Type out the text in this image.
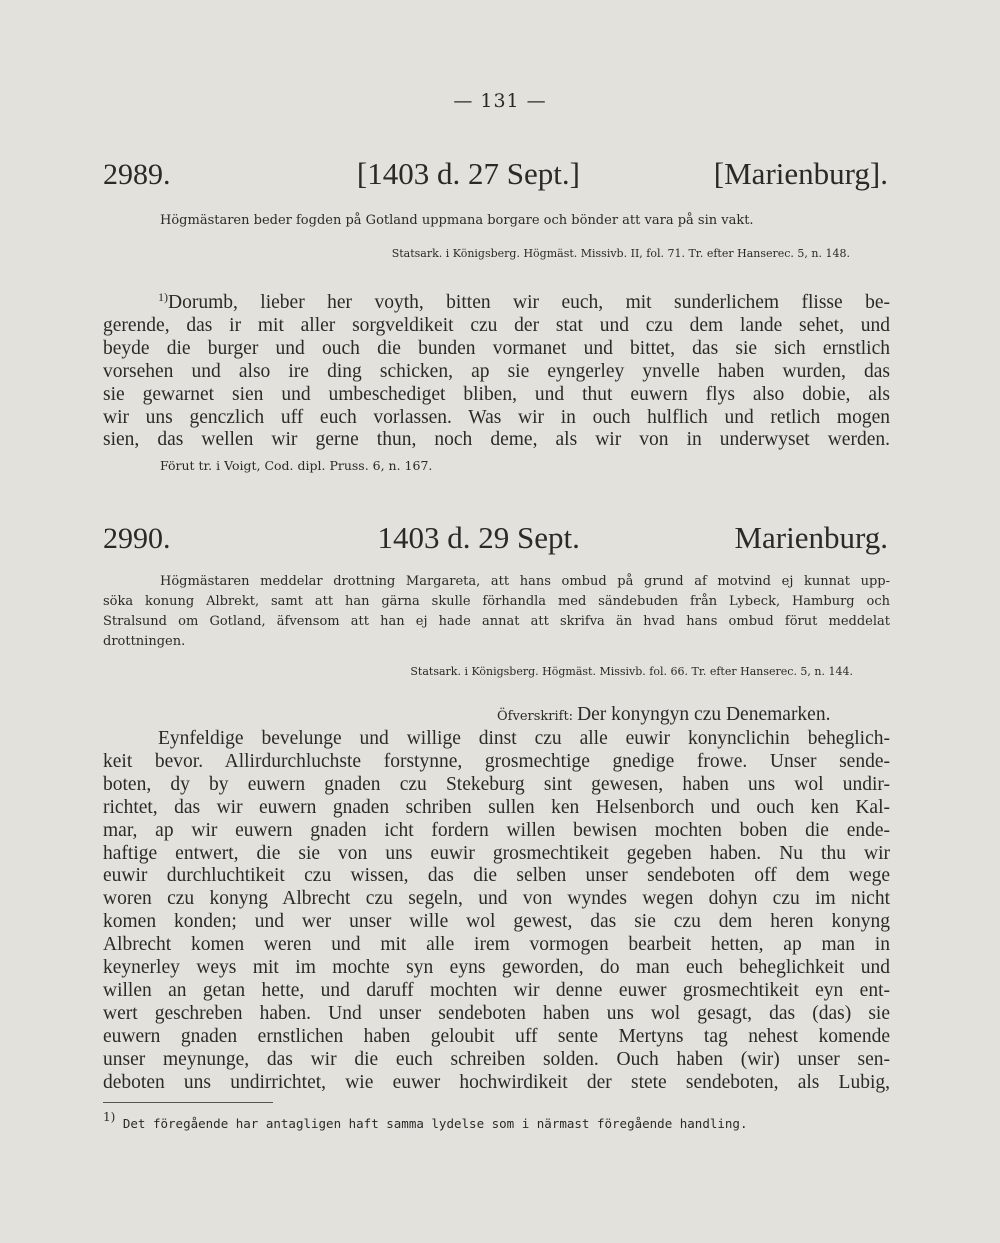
— 131 —
2989.	[1403 d. 27 Sept.]	[Marienburg].
Högmästaren beder fogden på Gotland uppmana borgare och bönder att vara på sin vakt.
Statsark. i Königsberg. Högmäst. Missivb. II, fol. 71. Tr. efter Hanserec. 5, n. 148.
$^{1)}$Dorumb, lieber her voyth, bitten wir euch, mit sunderlichem flisse be-
gerende, das ir mit aller sorgveldikeit czu der stat und czu dem lande sehet, und
beyde die burger und ouch die bunden vormanet und bittet, das sie sich ernstlich
vorsehen und also ire ding schicken, ap sie eyngerley ynvelle haben wurden, das
sie gewarnet sien und umbeschediget bliben, und thut euwern flys also dobie, als
wir uns genczlich uff euch vorlassen. Was wir in ouch hulflich und retlich mogen
sien, das wellen wir gerne thun, noch deme, als wir von in underwyset werden.
Förut tr. i Voigt, Cod. dipl. Pruss. 6, n. 167.
2990.	1403 d. 29 Sept.	Marienburg.
Högmästaren meddelar drottning Margareta, att hans ombud på grund af motvind ej kunnat upp-
söka konung Albrekt, samt att han gärna skulle förhandla med sändebuden från Lybeck, Hamburg och
Stralsund om Gotland, äfvensom att han ej hade annat att skrifva än hvad hans ombud förut meddelat
drottningen.
Statsark. i Königsberg. Högmäst. Missivb. fol. 66. Tr. efter Hanserec. 5, n. 144.
Öfverskrift: Der konyngyn czu Denemarken.
Eynfeldige bevelunge und willige dinst czu alle euwir konynclichin beheglich-
keit bevor. Allirdurchluchste forstynne, grosmechtige gnedige frowe. Unser sende-
boten, dy by euwern gnaden czu Stekeburg sint gewesen, haben uns wol undir-
richtet, das wir euwern gnaden schriben sullen ken Helsenborch und ouch ken Kal-
mar, ap wir euwern gnaden icht fordern willen bewisen mochten boben die ende-
haftige entwert, die sie von uns euwir grosmechtikeit gegeben haben. Nu thu wir
euwir durchluchtikeit czu wissen, das die selben unser sendeboten off dem wege
woren czu konyng Albrecht czu segeln, und von wyndes wegen dohyn czu im nicht
komen konden; und wer unser wille wol gewest, das sie czu dem heren konyng
Albrecht komen weren und mit alle irem vormogen bearbeit hetten, ap man in
keynerley weys mit im mochte syn eyns geworden, do man euch beheglichkeit und
willen an getan hette, und daruff mochten wir denne euwer grosmechtikeit eyn ent-
wert geschreben haben. Und unser sendeboten haben uns wol gesagt, das (das) sie
euwern gnaden ernstlichen haben geloubit uff sente Mertyns tag nehest komende
unser meynunge, das wir die euch schreiben solden. Ouch haben (wir) unser sen-
deboten uns undirrichtet, wie euwer hochwirdikeit der stete sendeboten, als Lubig,
1) Det föregående har antagligen haft samma lydelse som i närmast föregående handling.
